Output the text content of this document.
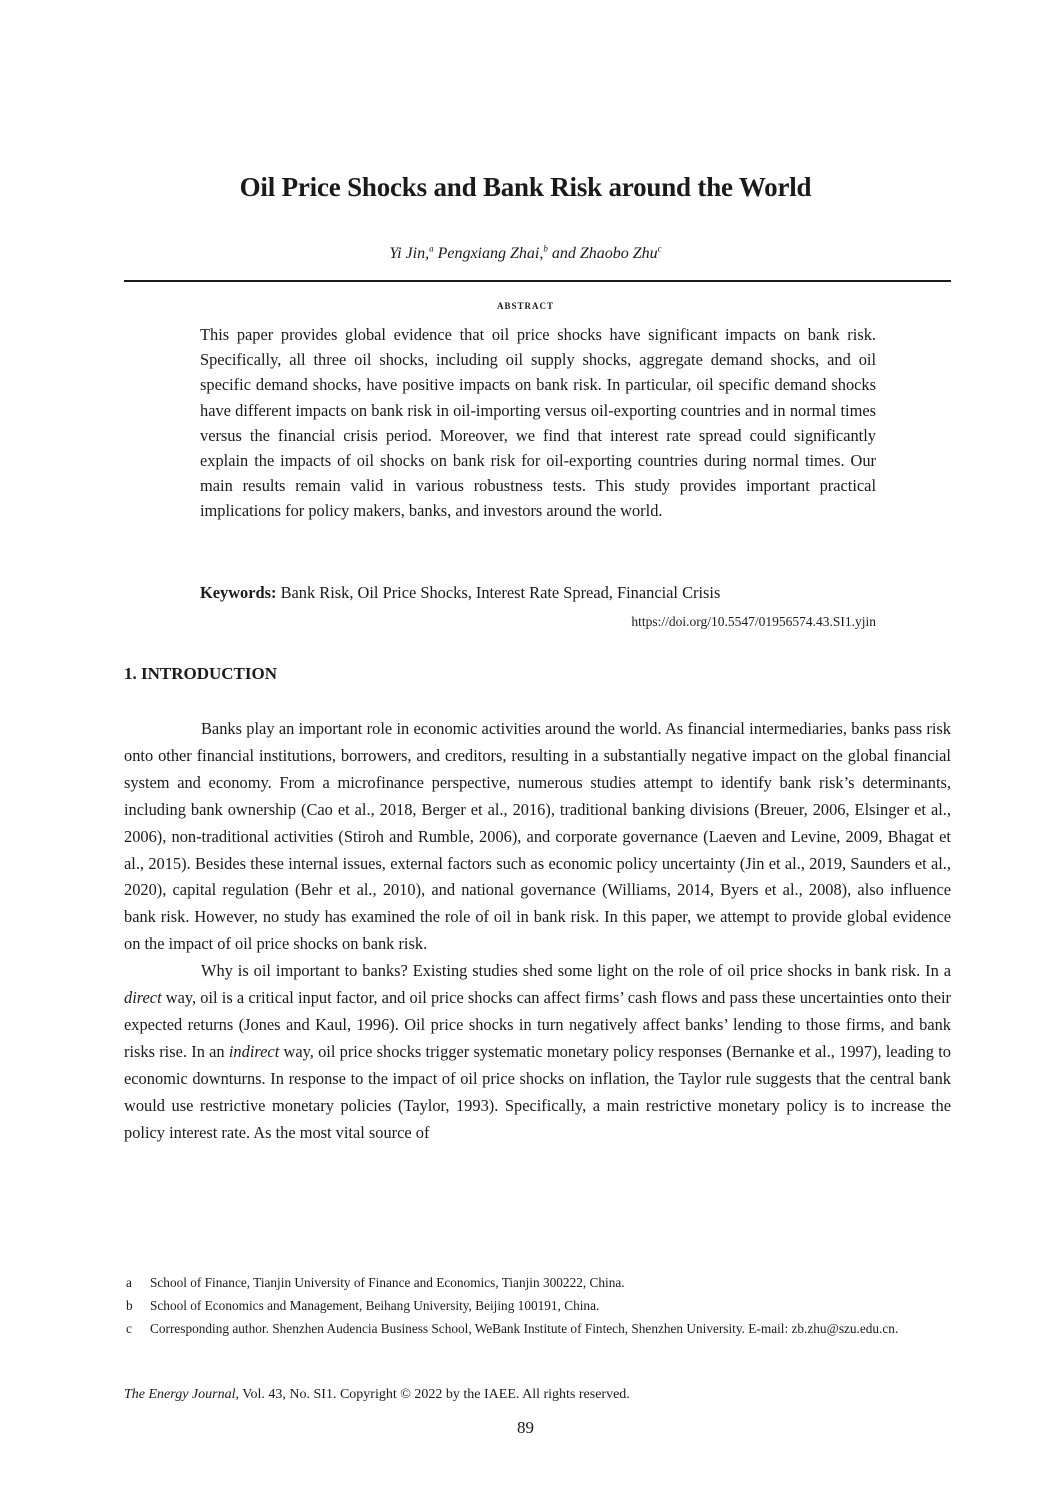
Oil Price Shocks and Bank Risk around the World
Yi Jin,$^a$ Pengxiang Zhai,$^b$ and Zhaobo Zhu$^c$
abstract
This paper provides global evidence that oil price shocks have significant impacts on bank risk. Specifically, all three oil shocks, including oil supply shocks, aggregate demand shocks, and oil specific demand shocks, have positive impacts on bank risk. In particular, oil specific demand shocks have different impacts on bank risk in oil-importing versus oil-exporting countries and in normal times versus the financial crisis period. Moreover, we find that interest rate spread could significantly explain the impacts of oil shocks on bank risk for oil-exporting countries during normal times. Our main results remain valid in various robustness tests. This study provides important practical implications for policy makers, banks, and investors around the world.
Keywords: Bank Risk, Oil Price Shocks, Interest Rate Spread, Financial Crisis
https://doi.org/10.5547/01956574.43.SI1.yjin
1. INTRODUCTION

Banks play an important role in economic activities around the world. As financial intermediaries, banks pass risk onto other financial institutions, borrowers, and creditors, resulting in a substantially negative impact on the global financial system and economy. From a microfinance perspective, numerous studies attempt to identify bank risk’s determinants, including bank ownership (Cao et al., 2018, Berger et al., 2016), traditional banking divisions (Breuer, 2006, Elsinger et al., 2006), non-traditional activities (Stiroh and Rumble, 2006), and corporate governance (Laeven and Levine, 2009, Bhagat et al., 2015). Besides these internal issues, external factors such as economic policy uncertainty (Jin et al., 2019, Saunders et al., 2020), capital regulation (Behr et al., 2010), and national governance (Williams, 2014, Byers et al., 2008), also influence bank risk. However, no study has examined the role of oil in bank risk. In this paper, we attempt to provide global evidence on the impact of oil price shocks on bank risk.

Why is oil important to banks? Existing studies shed some light on the role of oil price shocks in bank risk. In a direct way, oil is a critical input factor, and oil price shocks can affect firms’ cash flows and pass these uncertainties onto their expected returns (Jones and Kaul, 1996). Oil price shocks in turn negatively affect banks’ lending to those firms, and bank risks rise. In an indirect way, oil price shocks trigger systematic monetary policy responses (Bernanke et al., 1997), leading to economic downturns. In response to the impact of oil price shocks on inflation, the Taylor rule suggests that the central bank would use restrictive monetary policies (Taylor, 1993). Specifically, a main restrictive monetary policy is to increase the policy interest rate. As the most vital source of

a School of Finance, Tianjin University of Finance and Economics, Tianjin 300222, China.
b School of Economics and Management, Beihang University, Beijing 100191, China.
c Corresponding author. Shenzhen Audencia Business School, WeBank Institute of Fintech, Shenzhen University. E-mail: zb.zhu@szu.edu.cn.
The Energy Journal, Vol. 43, No. SI1. Copyright © 2022 by the IAEE. All rights reserved.
89
